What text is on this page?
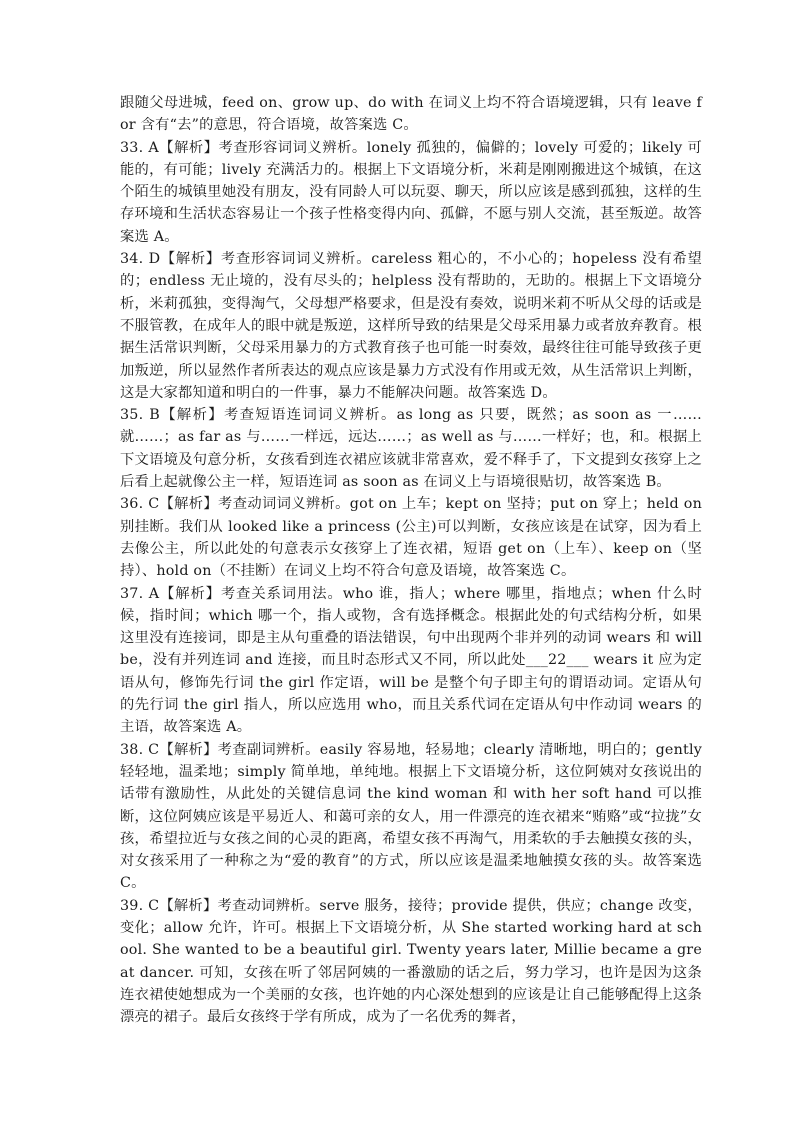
跟随父母进城，feed on、grow up、do with 在词义上均不符合语境逻辑，只有 leave for 含有“去”的意思，符合语境，故答案选 C。

33. A【解析】考查形容词词义辨析。lonely 孤独的，偏僻的；lovely 可爱的；likely 可能的，有可能；lively 充满活力的。根据上下文语境分析，米莉是刚刚搬进这个城镇，在这个陌生的城镇里她没有朋友，没有同龄人可以玩耍、聊天，所以应该是感到孤独，这样的生存环境和生活状态容易让一个孩子性格变得内向、孤僻，不愿与别人交流，甚至叛逆。故答案选 A。

34. D【解析】考查形容词词义辨析。careless 粗心的，不小心的；hopeless 没有希望的；endless 无止境的，没有尽头的；helpless 没有帮助的，无助的。根据上下文语境分析，米莉孤独，变得淘气，父母想严格要求，但是没有奏效，说明米莉不听从父母的话或是不服管教，在成年人的眼中就是叛逆，这样所导致的结果是父母采用暴力或者放弃教育。根据生活常识判断，父母采用暴力的方式教育孩子也可能一时奏效，最终往往可能导致孩子更加叛逆，所以显然作者所表达的观点应该是暴力方式没有作用或无效，从生活常识上判断，这是大家都知道和明白的一件事，暴力不能解决问题。故答案选 D。

35. B【解析】考查短语连词词义辨析。as long as 只要，既然；as soon as 一……就……；as far as 与……一样远，远达……；as well as 与……一样好；也，和。根据上下文语境及句意分析，女孩看到连衣裙应该就非常喜欢，爱不释手了，下文提到女孩穿上之后看上起就像公主一样，短语连词 as soon as 在词义上与语境很贴切，故答案选 B。

36. C【解析】考查动词词义辨析。got on 上车；kept on 坚持；put on 穿上；held on 别挂断。我们从 looked like a princess (公主)可以判断，女孩应该是在试穿，因为看上去像公主，所以此处的句意表示女孩穿上了连衣裙，短语 get on（上车）、keep on（坚持）、hold on（不挂断）在词义上均不符合句意及语境，故答案选 C。

37. A【解析】考查关系词用法。who 谁，指人；where 哪里，指地点；when 什么时候，指时间；which 哪一个，指人或物，含有选择概念。根据此处的句式结构分析，如果这里没有连接词，即是主从句重叠的语法错误，句中出现两个非并列的动词 wears 和 will be，没有并列连词 and 连接，而且时态形式又不同，所以此处___22___ wears it 应为定语从句，修饰先行词 the girl 作定语，will be 是整个句子即主句的谓语动词。定语从句的先行词 the girl 指人，所以应选用 who，而且关系代词在定语从句中作动词 wears 的主语，故答案选 A。

38. C【解析】考查副词辨析。easily 容易地，轻易地；clearly 清晰地，明白的；gently 轻轻地，温柔地；simply 简单地，单纯地。根据上下文语境分析，这位阿姨对女孩说出的话带有激励性，从此处的关键信息词 the kind woman 和 with her soft hand 可以推断，这位阿姨应该是平易近人、和蔼可亲的女人，用一件漂亮的连衣裙来“贿赂”或“拉拢”女孩，希望拉近与女孩之间的心灵的距离，希望女孩不再淘气，用柔软的手去触摸女孩的头，对女孩采用了一种称之为“爱的教育”的方式，所以应该是温柔地触摸女孩的头。故答案选 C。

39. C【解析】考查动词辨析。serve 服务，接待；provide 提供，供应；change 改变，变化；allow 允许，许可。根据上下文语境分析，从 She started working hard at school. She wanted to be a beautiful girl. Twenty years later, Millie became a great dancer. 可知，女孩在听了邻居阿姨的一番激励的话之后，努力学习，也许是因为这条连衣裙使她想成为一个美丽的女孩，也许她的内心深处想到的应该是让自己能够配得上这条漂亮的裙子。最后女孩终于学有所成，成为了一名优秀的舞者，
